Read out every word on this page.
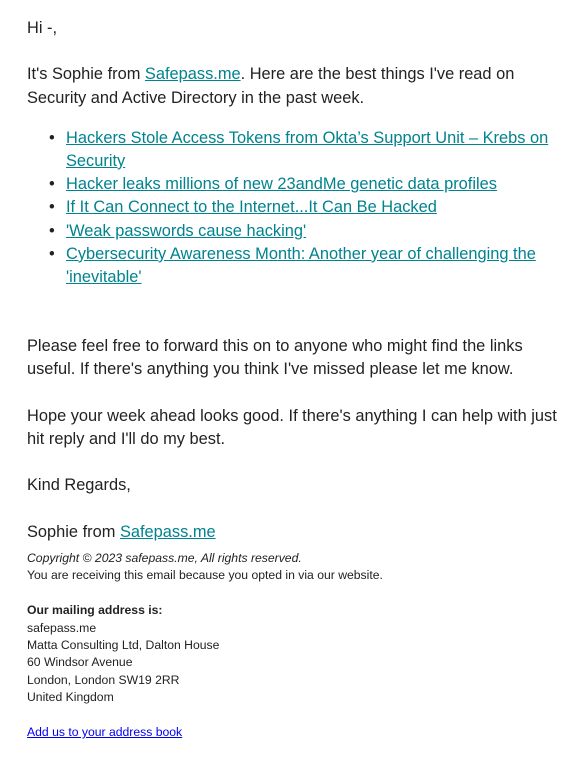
Hi -,

It's Sophie from Safepass.me. Here are the best things I've read on Security and Active Directory in the past week.

• Hackers Stole Access Tokens from Okta’s Support Unit – Krebs on Security
• Hacker leaks millions of new 23andMe genetic data profiles
• If It Can Connect to the Internet...It Can Be Hacked
• 'Weak passwords cause hacking'
• Cybersecurity Awareness Month: Another year of challenging the 'inevitable'

Please feel free to forward this on to anyone who might find the links useful. If there's anything you think I've missed please let me know.

Hope your week ahead looks good. If there's anything I can help with just hit reply and I'll do my best.

Kind Regards,

Sophie from Safepass.me

Copyright © 2023 safepass.me, All rights reserved.

You are receiving this email because you opted in via our website.

Our mailing address is:

safepass.me

Matta Consulting Ltd, Dalton House

60 Windsor Avenue

London, London SW19 2RR

United Kingdom

Add us to your address book
